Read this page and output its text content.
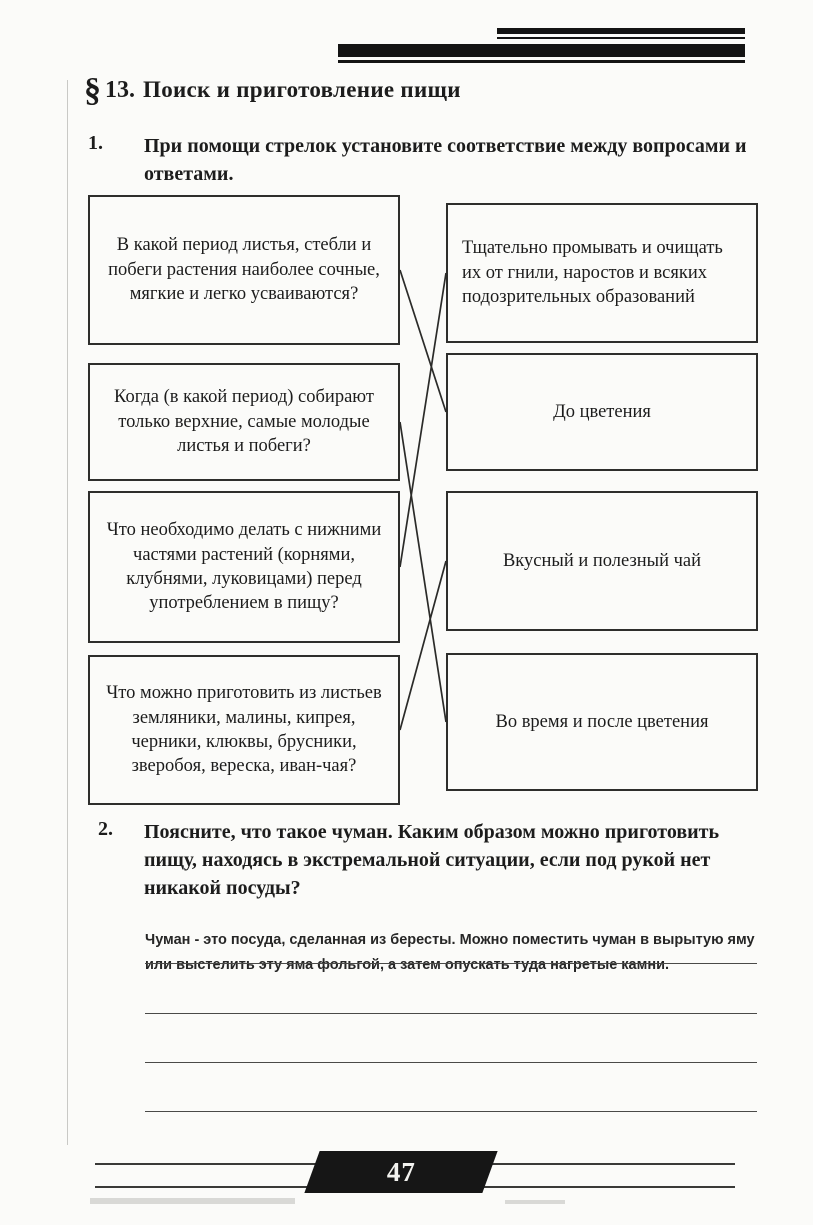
§ 13. Поиск и приготовление пищи
1. При помощи стрелок установите соответствие между вопросами и ответами.
В какой период листья, стебли и побеги растения наиболее сочные, мягкие и легко усваиваются?
Когда (в какой период) собирают только верхние, самые молодые листья и побеги?
Что необходимо делать с нижними частями растений (корнями, клубнями, луковицами) перед употреблением в пищу?
Что можно приготовить из листьев земляники, малины, кипрея, черники, клюквы, брусники, зверобоя, вереска, иван-чая?
Тщательно промывать и очищать их от гнили, наростов и всяких подозрительных образований
До цветения
Вкусный и полезный чай
Во время и после цветения
2. Поясните, что такое чуман. Каким образом можно приготовить пищу, находясь в экстремальной ситуации, если под рукой нет никакой посуды?
Чуман - это посуда, сделанная из бересты. Можно поместить чуман в вырытую яму или выстелить эту яма фольгой, а затем опускать туда нагретые камни.
47
